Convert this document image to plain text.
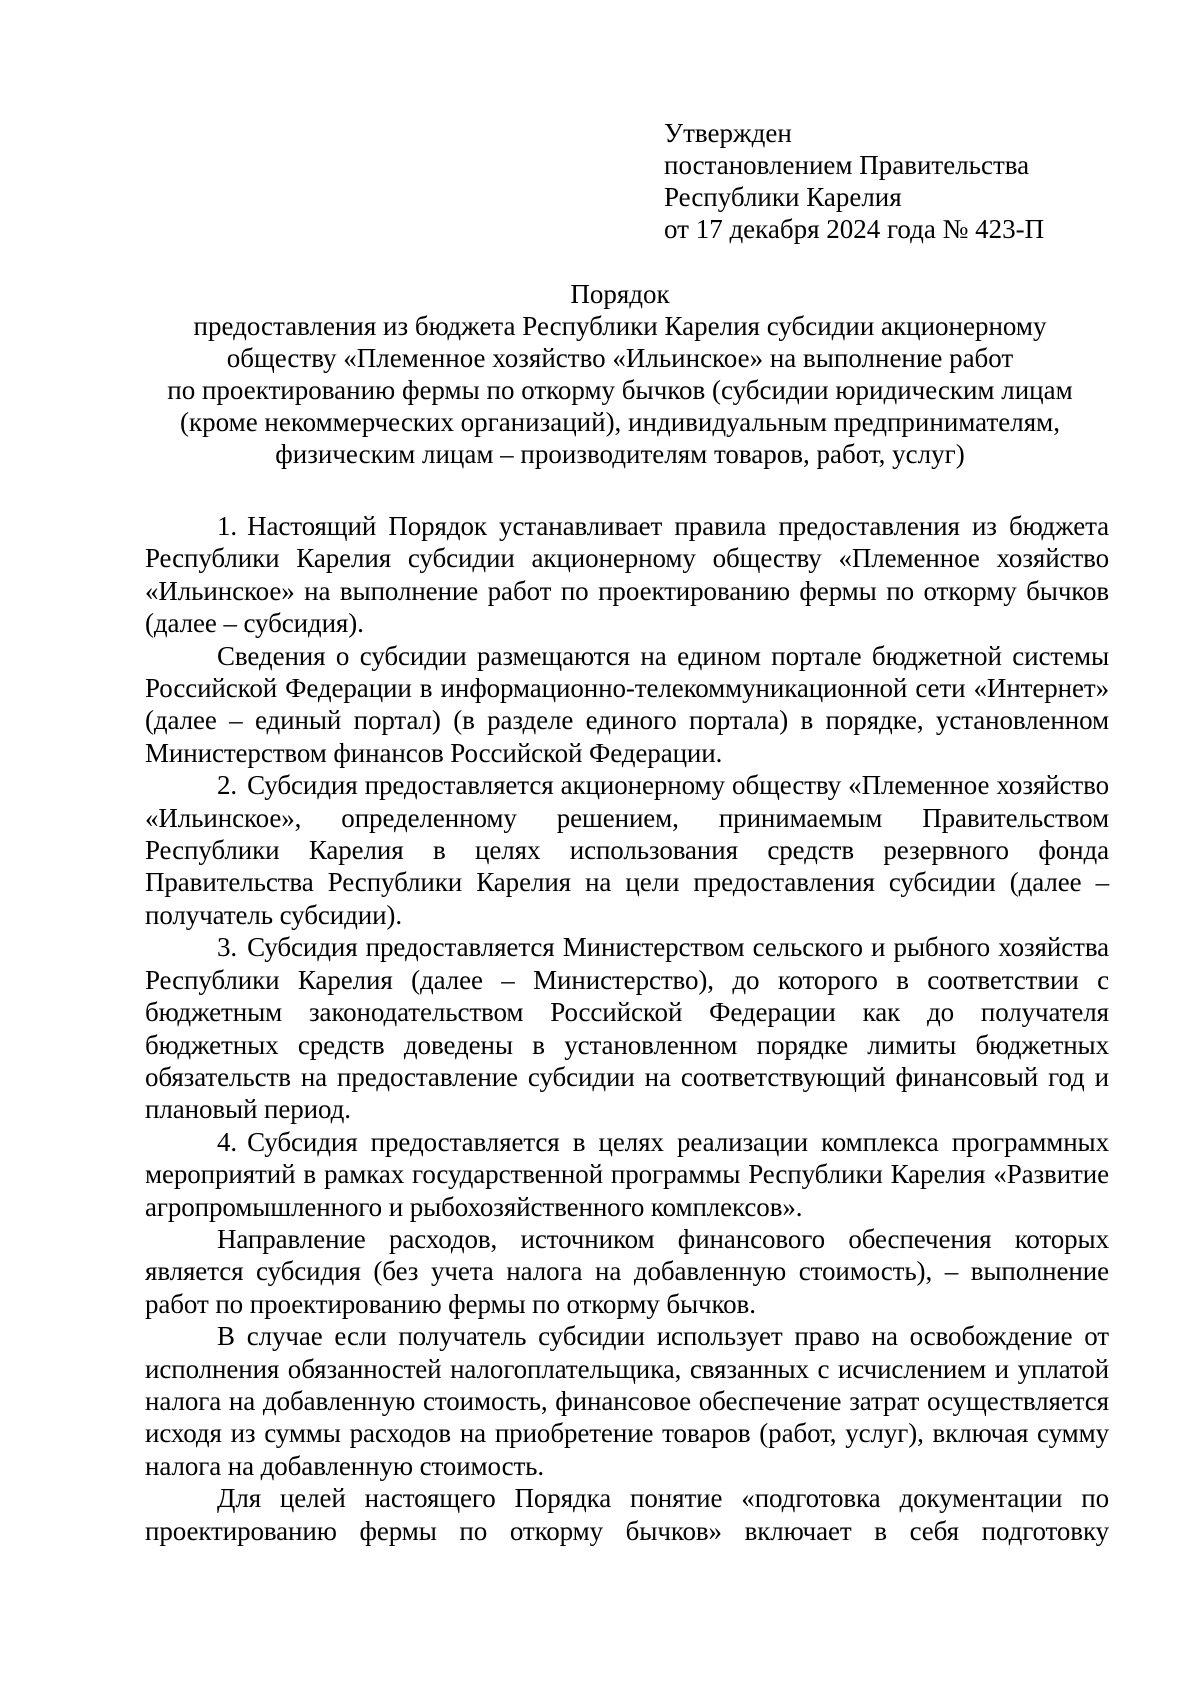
Утвержден
постановлением Правительства
Республики Карелия
от 17 декабря 2024 года № 423-П
Порядок
предоставления из бюджета Республики Карелия субсидии акционерному
обществу «Племенное хозяйство «Ильинское» на выполнение работ
по проектированию фермы по откорму бычков (субсидии юридическим лицам
(кроме некоммерческих организаций), индивидуальным предпринимателям,
физическим лицам – производителям товаров, работ, услуг)

1. Настоящий Порядок устанавливает правила предоставления из бюджета Республики Карелия субсидии акционерному обществу «Племенное хозяйство «Ильинское» на выполнение работ по проектированию фермы по откорму бычков (далее – субсидия).

Сведения о субсидии размещаются на едином портале бюджетной системы Российской Федерации в информационно-телекоммуникационной сети «Интернет» (далее – единый портал) (в разделе единого портала) в порядке, установленном Министерством финансов Российской Федерации.

2. Субсидия предоставляется акционерному обществу «Племенное хозяйство «Ильинское», определенному решением, принимаемым Правительством Республики Карелия в целях использования средств резервного фонда Правительства Республики Карелия на цели предоставления субсидии (далее – получатель субсидии).

3. Субсидия предоставляется Министерством сельского и рыбного хозяйства Республики Карелия (далее – Министерство), до которого в соответствии с бюджетным законодательством Российской Федерации как до получателя бюджетных средств доведены в установленном порядке лимиты бюджетных обязательств на предоставление субсидии на соответствующий финансовый год и плановый период.

4. Субсидия предоставляется в целях реализации комплекса программных мероприятий в рамках государственной программы Республики Карелия «Развитие агропромышленного и рыбохозяйственного комплексов».

Направление расходов, источником финансового обеспечения которых является субсидия (без учета налога на добавленную стоимость), – выполнение работ по проектированию фермы по откорму бычков.

В случае если получатель субсидии использует право на освобождение от исполнения обязанностей налогоплательщика, связанных с исчислением и уплатой налога на добавленную стоимость, финансовое обеспечение затрат осуществляется исходя из суммы расходов на приобретение товаров (работ, услуг), включая сумму налога на добавленную стоимость.

Для целей настоящего Порядка понятие «подготовка документации по проектированию фермы по откорму бычков» включает в себя подготовку
